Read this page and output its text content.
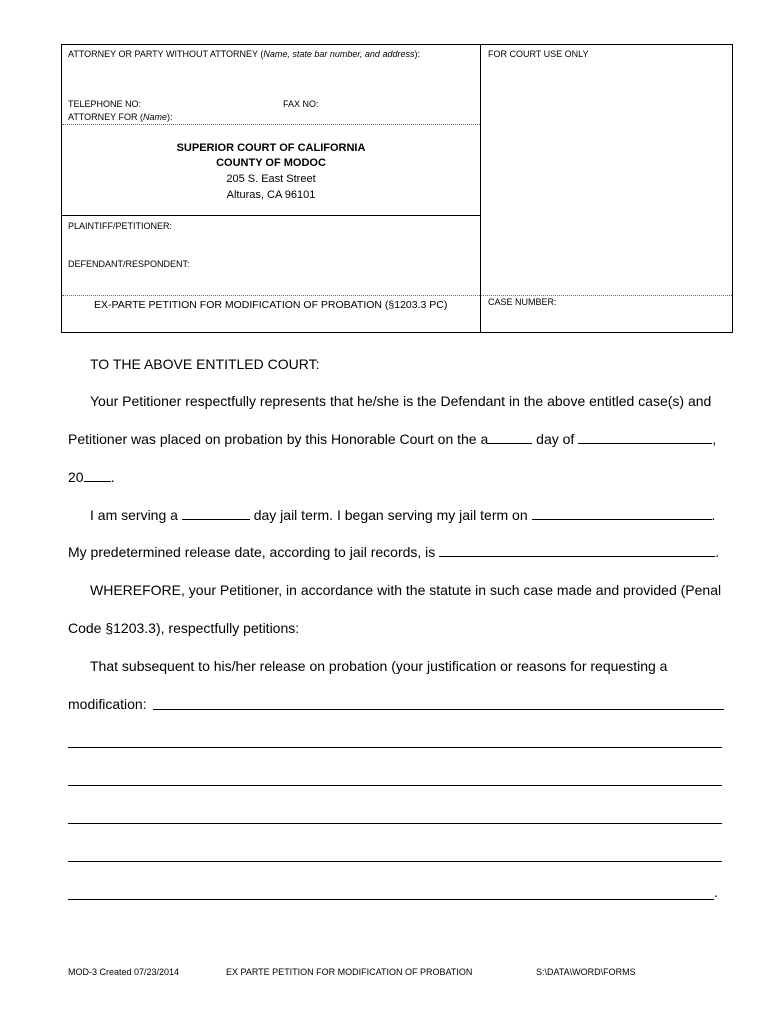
ATTORNEY OR PARTY WITHOUT ATTORNEY (Name, state bar number, and address):	FOR COURT USE ONLY
TELEPHONE NO:	FAX NO:
ATTORNEY FOR (Name):
SUPERIOR COURT OF CALIFORNIA
COUNTY OF MODOC
205 S. East Street
Alturas, CA 96101
PLAINTIFF/PETITIONER:
DEFENDANT/RESPONDENT:
EX-PARTE PETITION FOR MODIFICATION OF PROBATION (§1203.3 PC)	CASE NUMBER:
TO THE ABOVE ENTITLED COURT:
Your Petitioner respectfully represents that he/she is the Defendant in the above entitled case(s) and
Petitioner was placed on probation by this Honorable Court on the a	day of	,
20 .
I am serving a	day jail term. I began serving my jail term on	.
My predetermined release date, according to jail records, is	.
WHEREFORE, your Petitioner, in accordance with the statute in such case made and provided (Penal
Code §1203.3), respectfully petitions:
That subsequent to his/her release on probation (your justification or reasons for requesting a
modification:
.
MOD-3 Created 07/23/2014	EX PARTE PETITION FOR MODIFICATION OF PROBATION	S:\DATA\WORD\FORMS
